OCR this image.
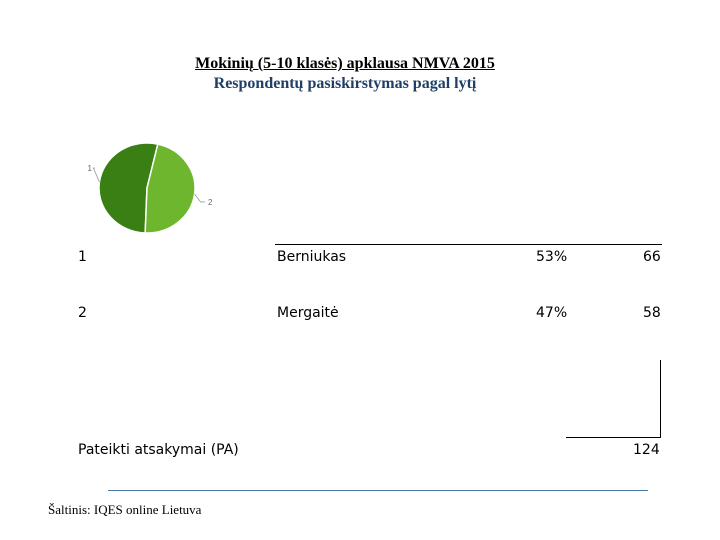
Mokinių (5-10 klasės) apklausa NMVA 2015
Respondentų pasiskirstymas pagal lytį
1
2
1	Berniukas	53%	66
2	Mergaitė	47%	58
Pateikti atsakymai (PA)	124
Šaltinis: IQES online Lietuva
